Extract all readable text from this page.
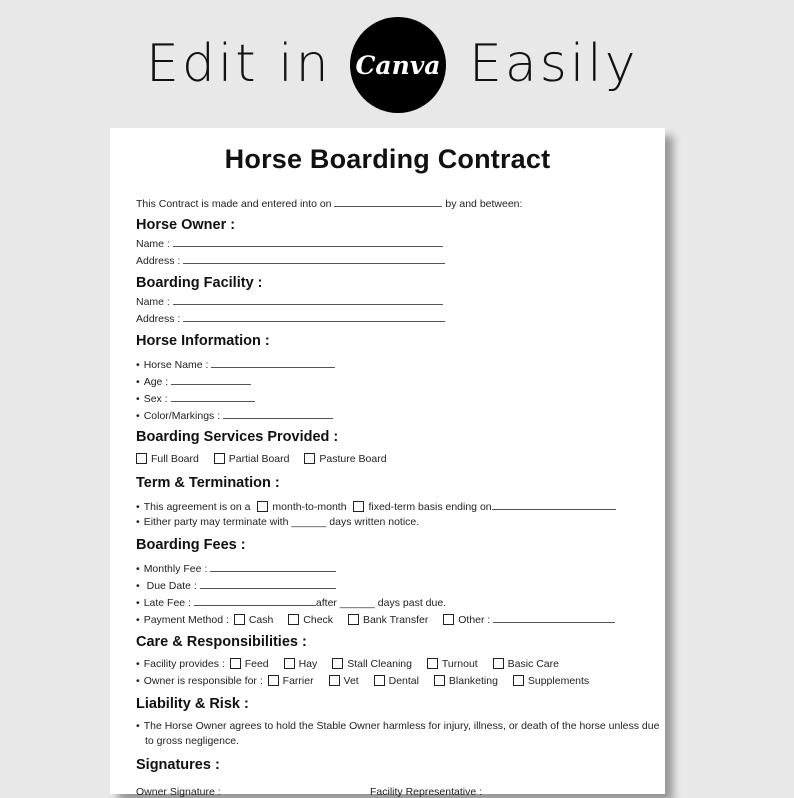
Edit in Canva Easily
Horse Boarding Contract
This Contract is made and entered into on	by and between:
Horse Owner :
Name :
Address :
Boarding Facility :
Name :
Address :
Horse Information :
• Horse Name :
• Age :
• Sex :
• Color/Markings :
Boarding Services Provided :
Full Board	Partial Board	Pasture Board
Term & Termination :
• This agreement is on a month-to-month fixed-term basis ending on
• Either party may terminate with ______ days written notice.
Boarding Fees :
• Monthly Fee :
• Due Date :
• Late Fee :	after ______ days past due.
• Payment Method : Cash	Check	Bank Transfer	Other :
Care & Responsibilities :
• Facility provides : Feed	Hay	Stall Cleaning	Turnout	Basic Care
• Owner is responsible for : Farrier	Vet	Dental	Blanketing	Supplements
Liability & Risk :
• The Horse Owner agrees to hold the Stable Owner harmless for injury, illness, or death of the horse unless due
to gross negligence.
Signatures :
Owner Signature :	Facility Representative :
